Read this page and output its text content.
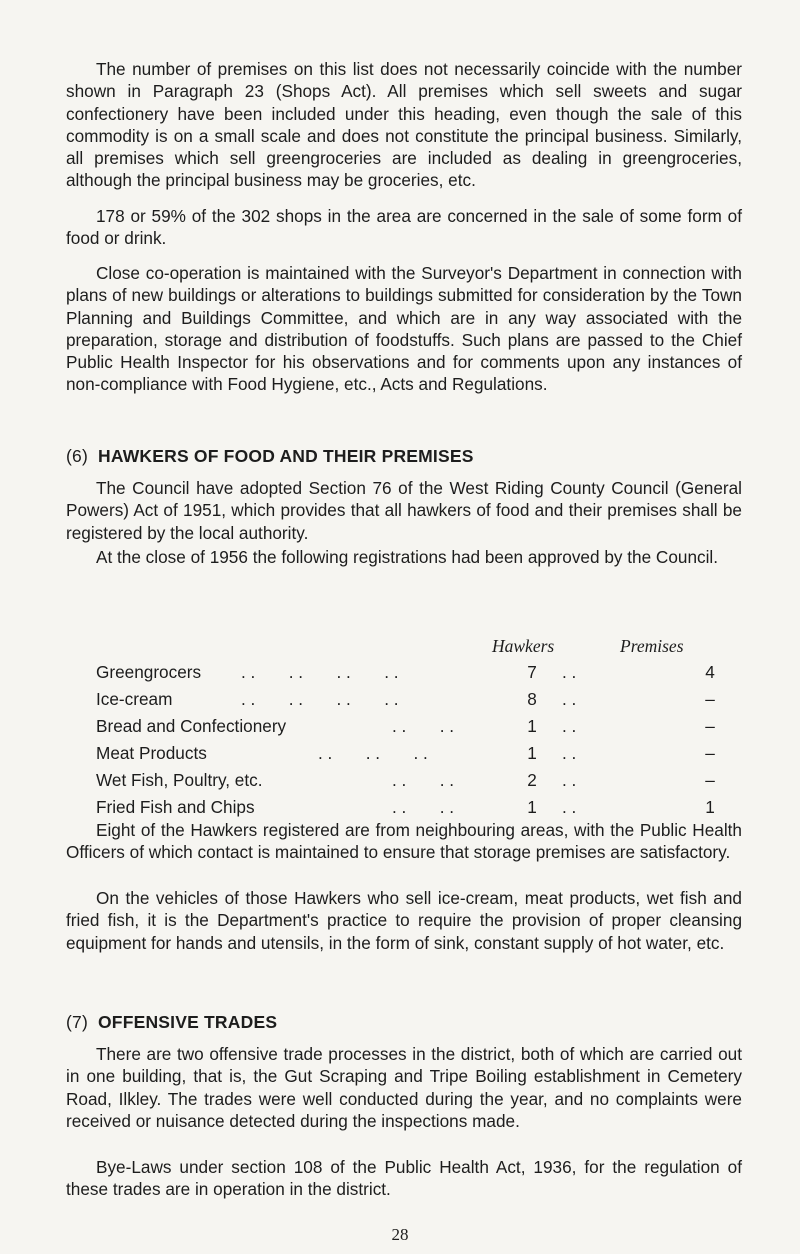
The number of premises on this list does not necessarily coincide with the number shown in Paragraph 23 (Shops Act). All premises which sell sweets and sugar confectionery have been included under this heading, even though the sale of this commodity is on a small scale and does not constitute the principal business. Similarly, all premises which sell greengroceries are included as dealing in greengroceries, although the principal business may be groceries, etc.

178 or 59% of the 302 shops in the area are concerned in the sale of some form of food or drink.

Close co-operation is maintained with the Surveyor's Department in connection with plans of new buildings or alterations to buildings submitted for consideration by the Town Planning and Buildings Committee, and which are in any way associated with the preparation, storage and distribution of foodstuffs. Such plans are passed to the Chief Public Health Inspector for his observations and for comments upon any instances of non-compliance with Food Hygiene, etc., Acts and Regulations.

(6) HAWKERS OF FOOD AND THEIR PREMISES

The Council have adopted Section 76 of the West Riding County Council (General Powers) Act of 1951, which provides that all hawkers of food and their premises shall be registered by the local authority.

At the close of 1956 the following registrations had been approved by the Council.

Hawkers	Premises
Greengrocers . .       . .       . .       . .	7	. .	4
Ice-cream	. .       . .       . .       . .	8	. .	–
Bread and Confectionery	. .       . .	1	. .	–
Meat Products	. .       . .       . .	1	. .	–
Wet Fish, Poultry, etc.	. .       . .	2	. .	–
Fried Fish and Chips	. .       . .	1	. .	1

Eight of the Hawkers registered are from neighbouring areas, with the Public Health Officers of which contact is maintained to ensure that storage premises are satisfactory.

On the vehicles of those Hawkers who sell ice-cream, meat products, wet fish and fried fish, it is the Department's practice to require the provision of proper cleansing equipment for hands and utensils, in the form of sink, constant supply of hot water, etc.

(7) OFFENSIVE TRADES

There are two offensive trade processes in the district, both of which are carried out in one building, that is, the Gut Scraping and Tripe Boiling establishment in Cemetery Road, Ilkley. The trades were well conducted during the year, and no complaints were received or nuisance detected during the inspections made.

Bye-Laws under section 108 of the Public Health Act, 1936, for the regulation of these trades are in operation in the district.

28
